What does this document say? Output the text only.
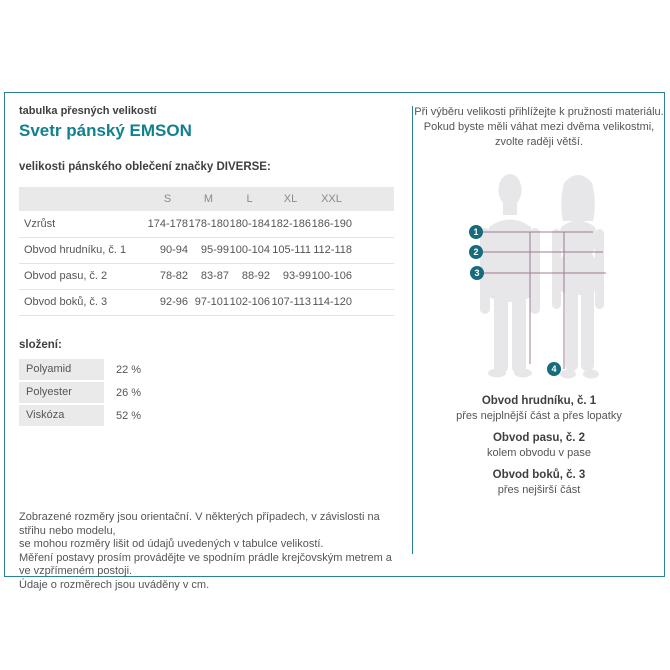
tabulka přesných velikostí
Svetr pánský EMSON
velikosti pánského oblečení značky DIVERSE:
	S	M	L	XL	XXL	
Vzrůst	174-178	178-180	180-184	182-186	186-190	
Obvod hrudníku, č. 1	90-94	95-99	100-104	105-111	112-118	
Obvod pasu, č. 2	78-82	83-87	88-92	93-99	100-106	
Obvod boků, č. 3	92-96	97-101	102-106	107-113	114-120	
složení:
Polyamid	22 %
Polyester	26 %
Viskóza	52 %
Zobrazené rozměry jsou orientační. V některých případech, v závislosti na střihu nebo modelu,
se mohou rozměry lišit od údajů uvedených v tabulce velikostí.
Měření postavy prosím provádějte ve spodním prádle krejčovským metrem a ve vzpřímeném postoji.
Údaje o rozměrech jsou uváděny v cm.
Při výběru velikosti přihlížejte k pružnosti materiálu.
Pokud byste měli váhat mezi dvěma velikostmi,
zvolte raději větší.
1
2
3
4
Obvod hrudníku, č. 1
přes nejplnější část a přes lopatky
Obvod pasu, č. 2
kolem obvodu v pase
Obvod boků, č. 3
přes nejširší část
